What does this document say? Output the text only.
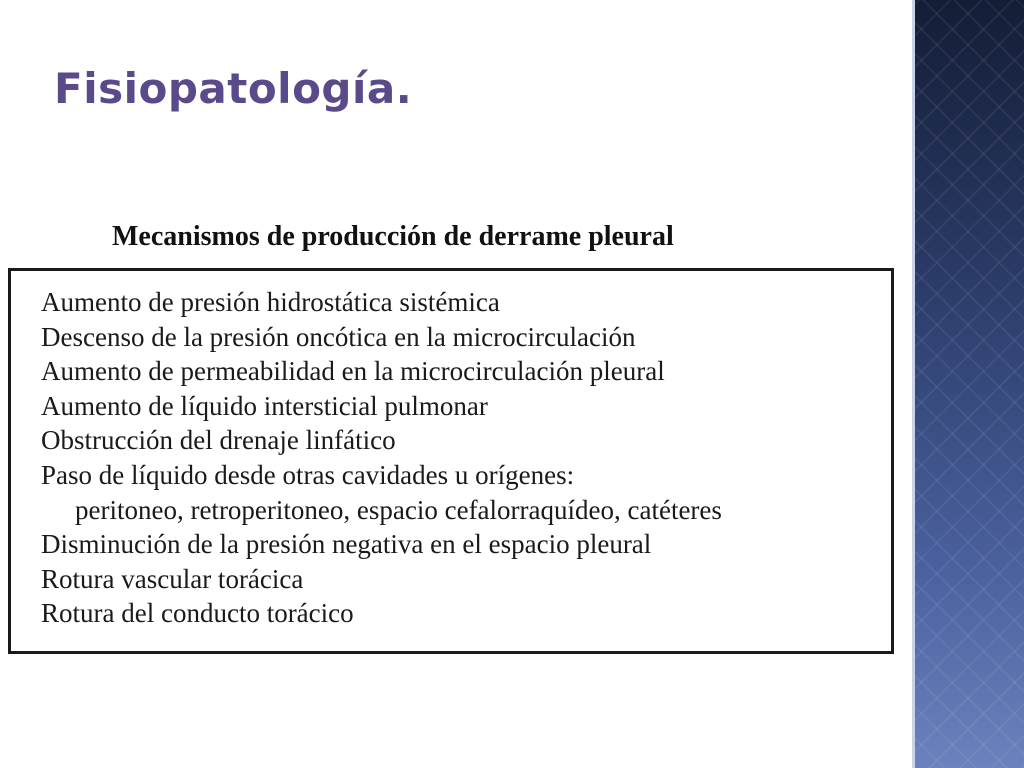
Fisiopatología.
Mecanismos de producción de derrame pleural
Aumento de presión hidrostática sistémica
Descenso de la presión oncótica en la microcirculación
Aumento de permeabilidad en la microcirculación pleural
Aumento de líquido intersticial pulmonar
Obstrucción del drenaje linfático
Paso de líquido desde otras cavidades u orígenes:
peritoneo, retroperitoneo, espacio cefalorraquídeo, catéteres
Disminución de la presión negativa en el espacio pleural
Rotura vascular torácica
Rotura del conducto torácico
